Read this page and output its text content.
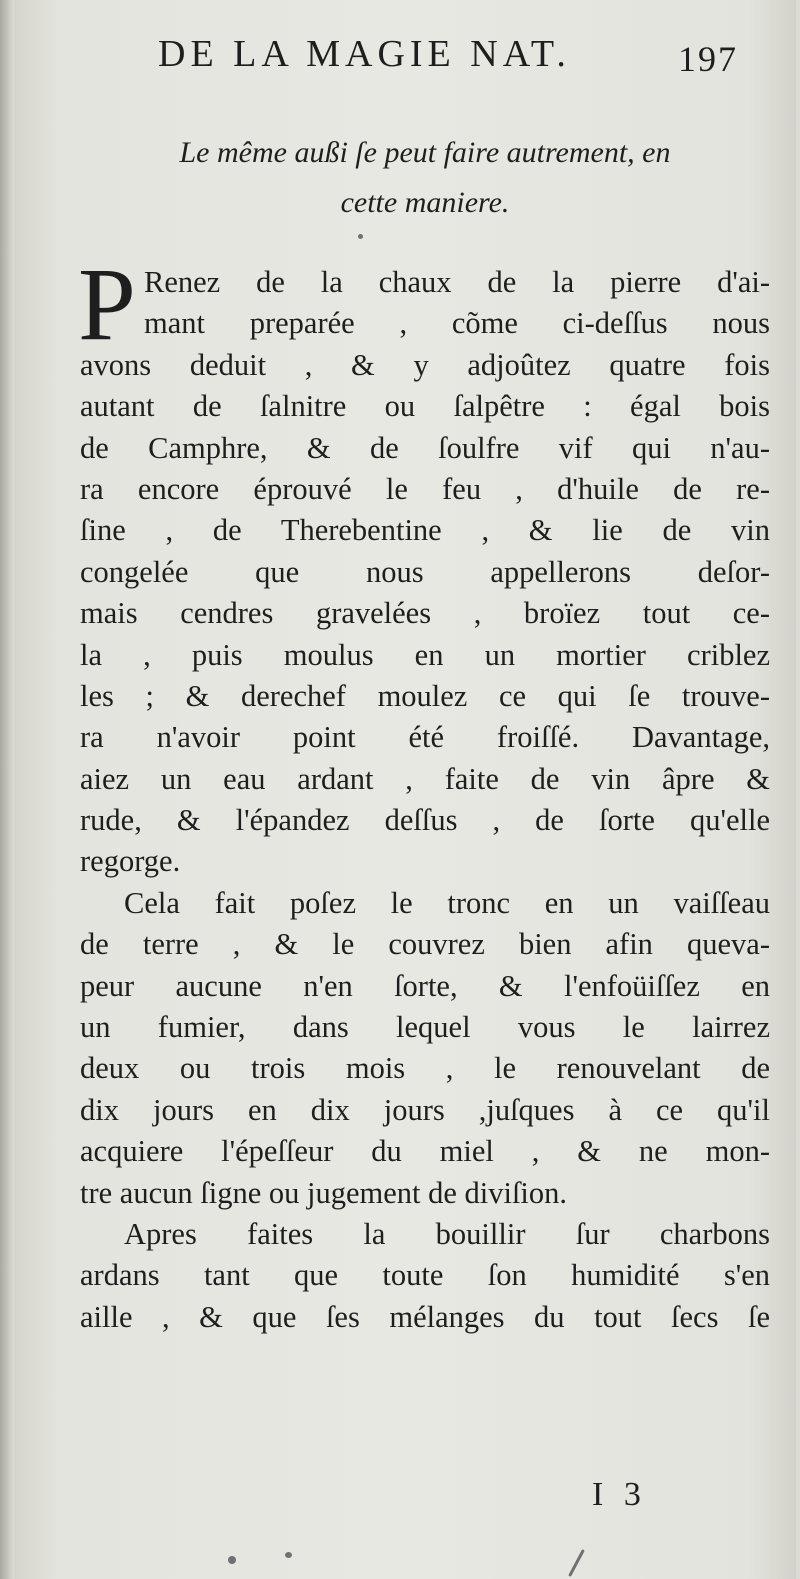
DE LA MAGIE NAT.	197
Le même außi ſe peut faire autrement, en
cette maniere.
P Renez de la chaux de la pierre d'ai-
mant preparée , cõme ci-deſſus nous
avons deduit , & y adjoûtez quatre fois
autant de ſalnitre ou ſalpêtre : égal bois
de Camphre, & de ſoulfre vif qui n'au-
ra encore éprouvé le feu , d'huile de re-
ſine , de Therebentine , & lie de vin
congelée que nous appellerons deſor-
mais cendres gravelées , broïez tout ce-
la , puis moulus en un mortier criblez
les ; & derechef moulez ce qui ſe trouve-
ra n'avoir point été froiſſé. Davantage,
aiez un eau ardant , faite de vin âpre &
rude, & l'épandez deſſus , de ſorte qu'elle
regorge.
Cela fait poſez le tronc en un vaiſſeau
de terre , & le couvrez bien afin queva-
peur aucune n'en ſorte, & l'enfoüiſſez en
un fumier, dans lequel vous le lairrez
deux ou trois mois , le renouvelant de
dix jours en dix jours ,juſques à ce qu'il
acquiere l'épeſſeur du miel , & ne mon-
tre aucun ſigne ou jugement de diviſion.
Apres faites la bouillir ſur charbons
ardans tant que toute ſon humidité s'en
aille , & que ſes mélanges du tout ſecs ſe
I 3
